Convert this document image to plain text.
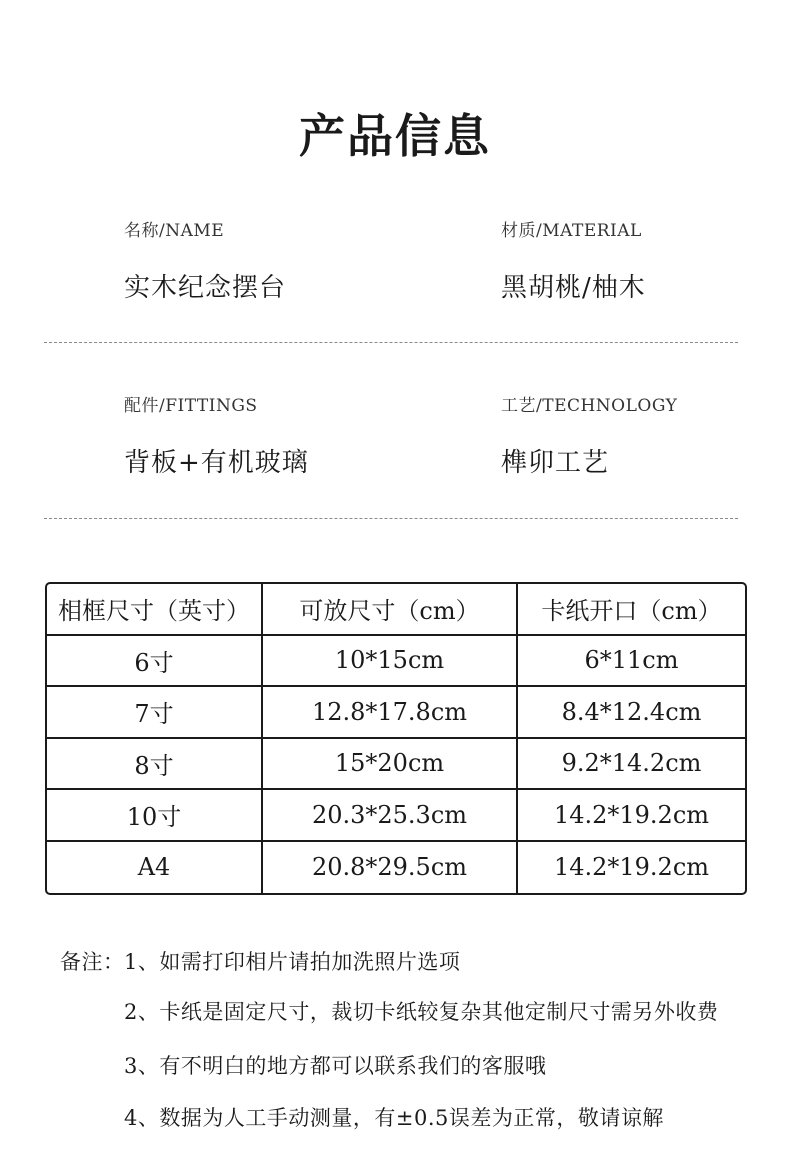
产品信息
名称/NAME
实木纪念摆台
材质/MATERIAL
黑胡桃/柚木
配件/FITTINGS
背板+有机玻璃
工艺/TECHNOLOGY
榫卯工艺
相框尺寸（英寸）	可放尺寸（cm）	卡纸开口（cm）
6寸	10*15cm	6*11cm
7寸	12.8*17.8cm	8.4*12.4cm
8寸	15*20cm	9.2*14.2cm
10寸	20.3*25.3cm	14.2*19.2cm
A4	20.8*29.5cm	14.2*19.2cm
备注： 1、如需打印相片请拍加洗照片选项
2、卡纸是固定尺寸，裁切卡纸较复杂其他定制尺寸需另外收费
3、有不明白的地方都可以联系我们的客服哦
4、数据为人工手动测量，有±0.5误差为正常，敬请谅解
